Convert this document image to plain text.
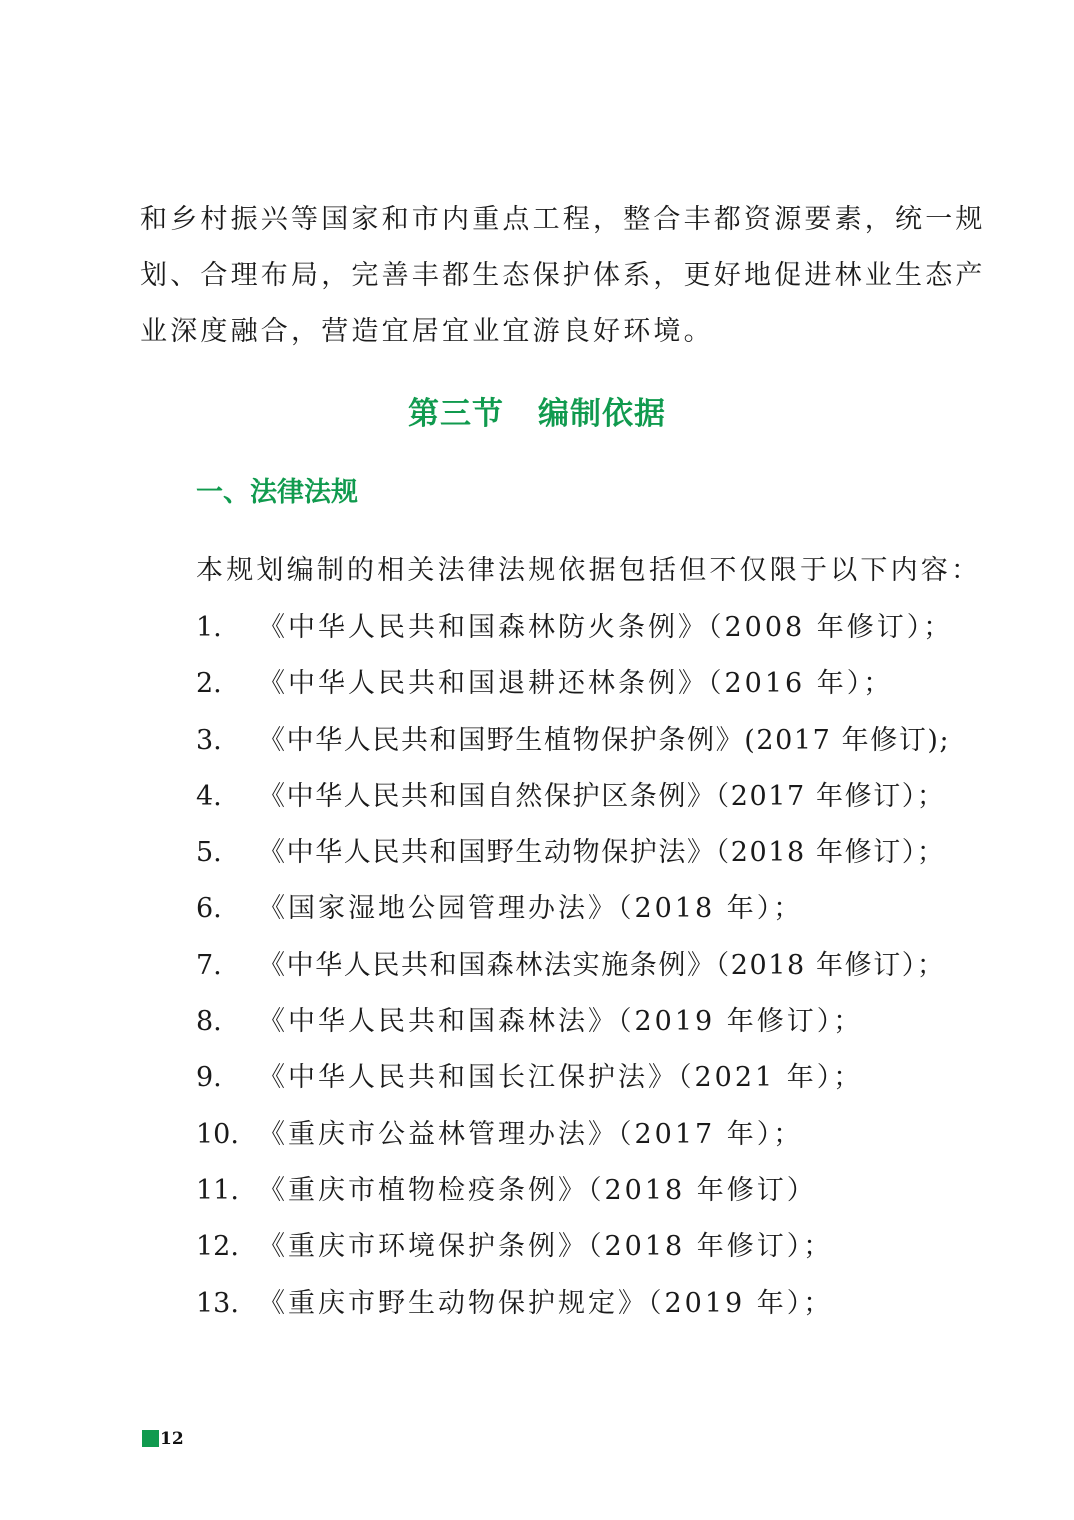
和乡村振兴等国家和市内重点工程，整合丰都资源要素，统一规
划、合理布局，完善丰都生态保护体系，更好地促进林业生态产
业深度融合，营造宜居宜业宜游良好环境。
第三节 编制依据
一、法律法规

本规划编制的相关法律法规依据包括但不仅限于以下内容：

1. 《中华人民共和国森林防火条例》（2008 年修订）；
2. 《中华人民共和国退耕还林条例》（2016 年）；
3. 《中华人民共和国野生植物保护条例》(2017 年修订);
4. 《中华人民共和国自然保护区条例》（2017 年修订）；
5. 《中华人民共和国野生动物保护法》（2018 年修订）；
6. 《国家湿地公园管理办法》（2018 年）；
7. 《中华人民共和国森林法实施条例》（2018 年修订）；
8. 《中华人民共和国森林法》（2019 年修订）；
9. 《中华人民共和国长江保护法》（2021 年）；
10. 《重庆市公益林管理办法》（2017 年）；
11. 《重庆市植物检疫条例》（2018 年修订）
12. 《重庆市环境保护条例》（2018 年修订）；
13. 《重庆市野生动物保护规定》（2019 年）；
12
